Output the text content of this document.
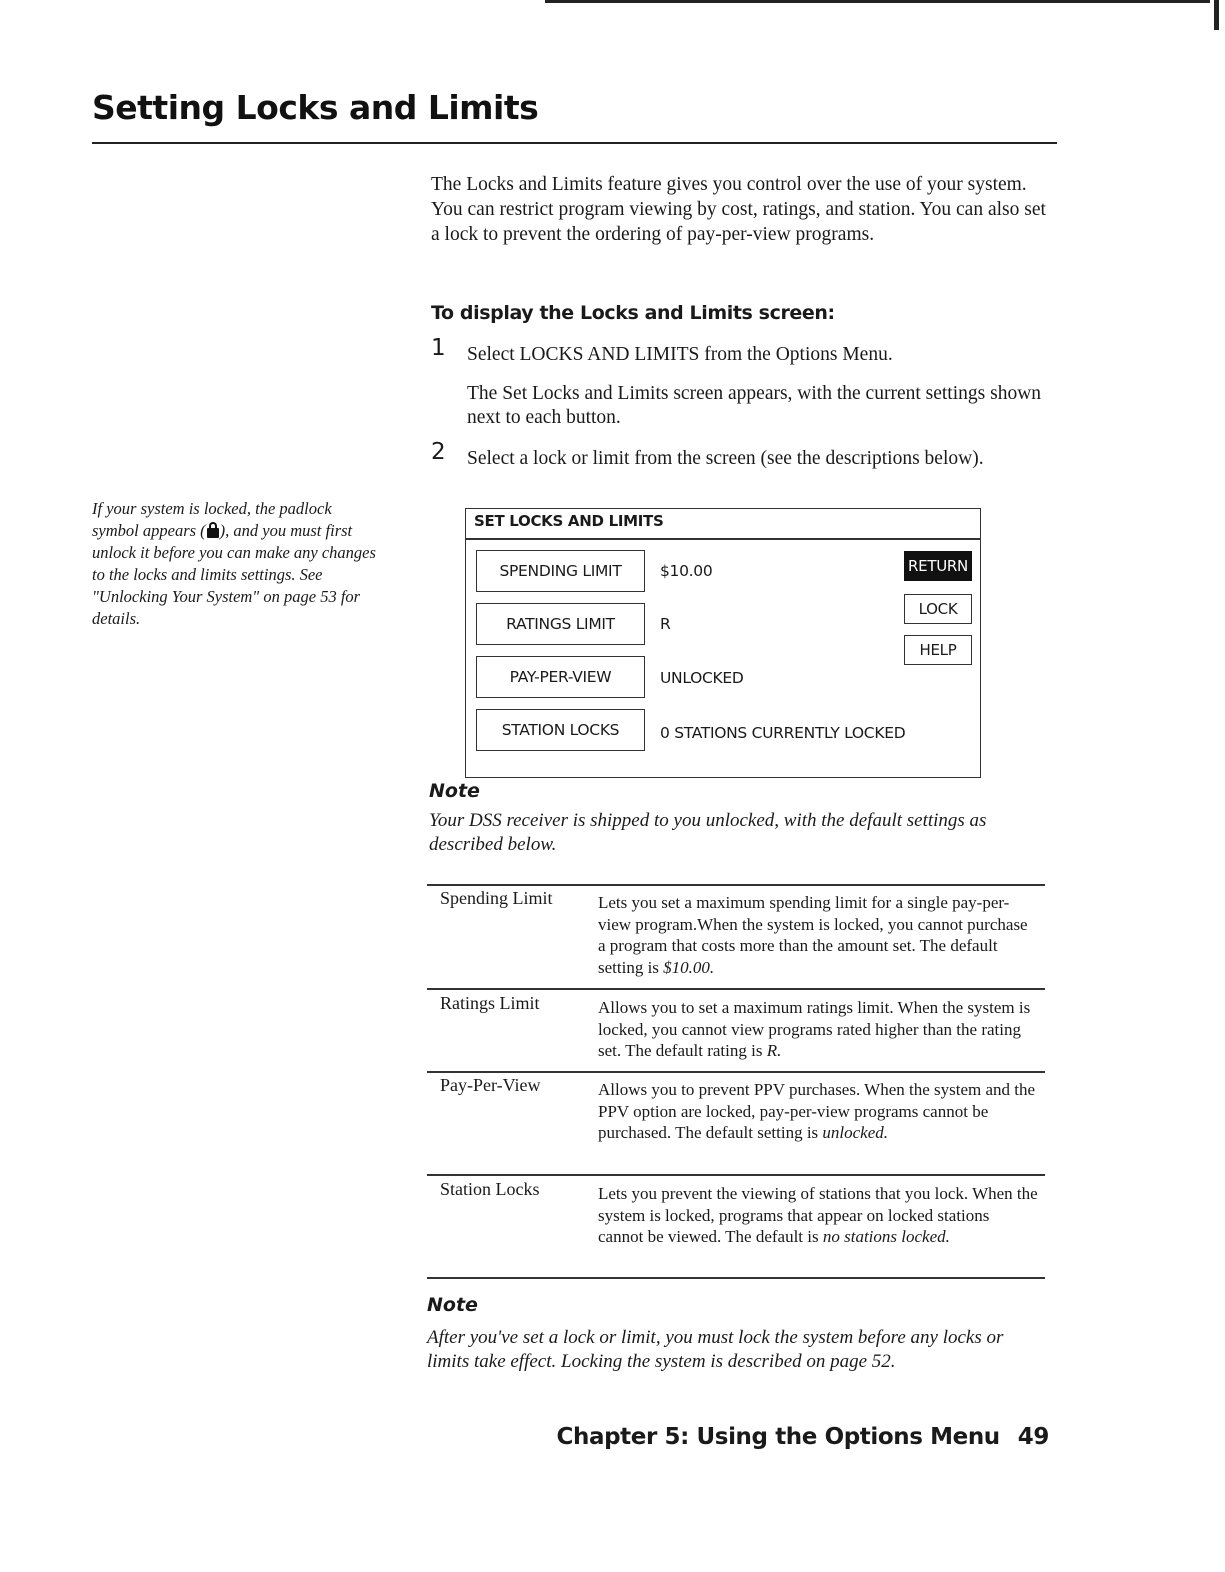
Setting Locks and Limits

The Locks and Limits feature gives you control over the use of your system. You can restrict program viewing by cost, ratings, and station. You can also set a lock to prevent the ordering of pay-per-view programs.

To display the Locks and Limits screen:
1 Select LOCKS AND LIMITS from the Options Menu.
The Set Locks and Limits screen appears, with the current settings shown next to each button.
2 Select a lock or limit from the screen (see the descriptions below).

If your system is locked, the padlock symbol appears ( ), and you must first unlock it before you can make any changes to the locks and limits settings. See "Unlocking Your System" on page 53 for details.

SET LOCKS AND LIMITS
SPENDING LIMIT	$10.00
RATINGS LIMIT	R
PAY-PER-VIEW	UNLOCKED
STATION LOCKS	0 STATIONS CURRENTLY LOCKED
RETURN
LOCK
HELP

Note

Your DSS receiver is shipped to you unlocked, with the default settings as described below.

Spending Limit	Lets you set a maximum spending limit for a single pay-per-view program.When the system is locked, you cannot purchase a program that costs more than the amount set. The default setting is $10.00.

Ratings Limit	Allows you to set a maximum ratings limit. When the system is locked, you cannot view programs rated higher than the rating set. The default rating is R.

Pay-Per-View	Allows you to prevent PPV purchases. When the system and the PPV option are locked, pay-per-view programs cannot be purchased. The default setting is unlocked.

Station Locks	Lets you prevent the viewing of stations that you lock. When the system is locked, programs that appear on locked stations cannot be viewed. The default is no stations locked.

Note

After you've set a lock or limit, you must lock the system before any locks or limits take effect. Locking the system is described on page 52.

Chapter 5: Using the Options Menu 49
